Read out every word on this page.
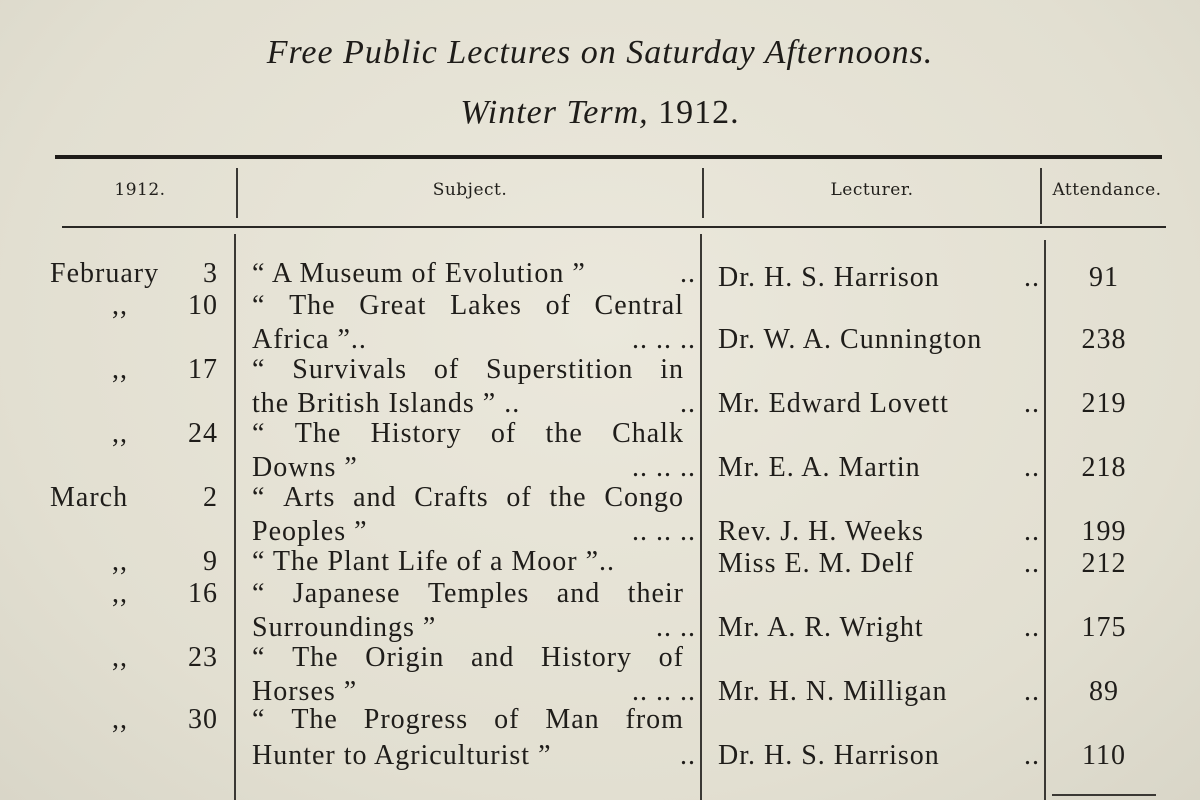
Free Public Lectures on Saturday Afternoons.
Winter Term, 1912.
1912.	Subject.	Lecturer.	Attendance.
February 3 “ A Museum of Evolution ”	.. Dr. H. S. Harrison	..	91
,, 10 “ The Great Lakes of Central
Africa ”..	.. .. .. Dr. W. A. Cunnington	238
,, 17 “ Survivals of Superstition in
the British Islands ” ..	.. Mr. Edward Lovett	..	219
,, 24 “ The History of the Chalk
Downs ”	.. .. .. Mr. E. A. Martin	..	218
March	2 “ Arts and Crafts of the Congo
Peoples ”	.. .. .. Rev. J. H. Weeks	..	199
,,	9 “ The Plant Life of a Moor ”..	Miss E. M. Delf	..	212
,, 16 “ Japanese Temples and their
Surroundings ”	.. .. Mr. A. R. Wright	..	175
,, 23 “ The Origin and History of
Horses ”	.. .. .. Mr. H. N. Milligan	..	89
,, 30 “ The Progress of Man from
Hunter to Agriculturist ”	.. Dr. H. S. Harrison	..	110
